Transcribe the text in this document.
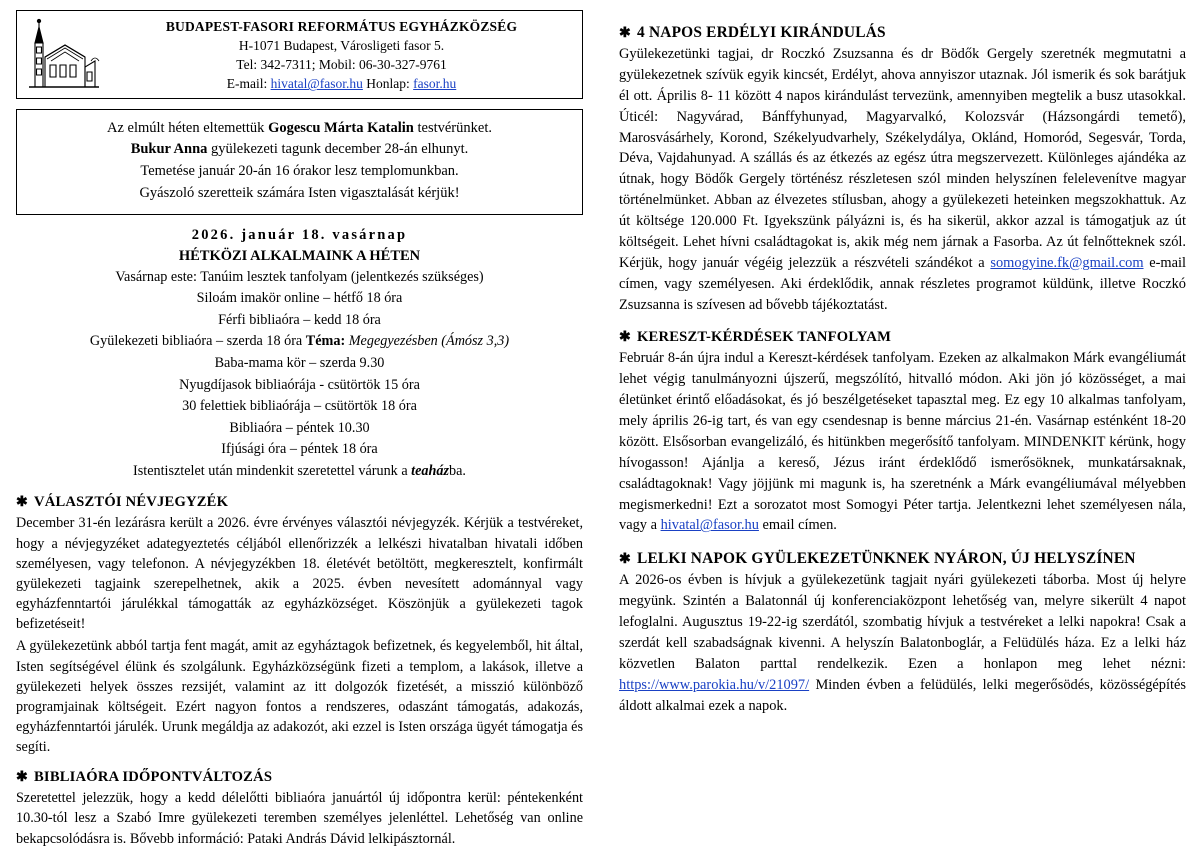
BUDAPEST-FASORI REFORMÁTUS EGYHÁZKÖZSÉG
H-1071 Budapest, Városligeti fasor 5.
Tel: 342-7311; Mobil: 06-30-327-9761
E-mail: hivatal@fasor.hu Honlap: fasor.hu
Az elmúlt héten eltemettük Gogescu Márta Katalin testvérünket.
Bukur Anna gyülekezeti tagunk december 28-án elhunyt.
Temetése január 20-án 16 órakor lesz templomunkban.
Gyászoló szeretteik számára Isten vigasztalását kérjük!
2026. január 18. vasárnap
HÉTKÖZI ALKALMAINK A HÉTEN
Vasárnap este: Tanúim lesztek tanfolyam (jelentkezés szükséges)
Siloám imakör online – hétfő 18 óra
Férfi bibliaóra – kedd 18 óra
Gyülekezeti bibliaóra – szerda 18 óra Téma: Megegyezésben (Ámósz 3,3)
Baba-mama kör – szerda 9.30
Nyugdíjasok bibliaórája - csütörtök 15 óra
30 felettiek bibliaórája – csütörtök 18 óra
Bibliaóra – péntek 10.30
Ifjúsági óra – péntek 18 óra
Istentisztelet után mindenkit szeretettel várunk a teaházba.
✱ VÁLASZTÓI NÉVJEGYZÉK

December 31-én lezárásra került a 2026. évre érvényes választói névjegyzék. Kérjük a testvéreket, hogy a névjegyzéket adategyeztetés céljából ellenőrizzék a lelkészi hivatalban hivatali időben személyesen, vagy telefonon. A névjegyzékben 18. életévét betöltött, megkeresztelt, konfirmált gyülekezeti tagjaink szerepelhetnek, akik a 2025. évben nevesített adománnyal vagy egyházfenntartói járulékkal támogatták az egyházközséget. Köszönjük a gyülekezeti tagok befizetéseit!

A gyülekezetünk abból tartja fent magát, amit az egyháztagok befizetnek, és kegyelemből, hit által, Isten segítségével élünk és szolgálunk. Egyházközségünk fizeti a templom, a lakások, illetve a gyülekezeti helyek összes rezsijét, valamint az itt dolgozók fizetését, a misszió különböző programjainak költségeit. Ezért nagyon fontos a rendszeres, odaszánt támogatás, adakozás, egyházfenntartói járulék. Urunk megáldja az adakozót, aki ezzel is Isten országa ügyét támogatja és segíti.

✱ BIBLIAÓRA IDŐPONTVÁLTOZÁS

Szeretettel jelezzük, hogy a kedd délelőtti bibliaóra januártól új időpontra kerül: péntekenként 10.30-tól lesz a Szabó Imre gyülekezeti teremben személyes jelenléttel. Lehetőség van online bekapcsolódásra is. Bővebb információ: Pataki András Dávid lelkipásztornál.

✱ 4 NAPOS ERDÉLYI KIRÁNDULÁS

Gyülekezetünki tagjai, dr Roczkó Zsuzsanna és dr Bödők Gergely szeretnék megmutatni a gyülekezetnek szívük egyik kincsét, Erdélyt, ahova annyiszor utaznak. Jól ismerik és sok barátjuk él ott. Április 8- 11 között 4 napos kirándulást tervezünk, amennyiben megtelik a busz utasokkal. Úticél: Nagyvárad, Bánffyhunyad, Magyarvalkó, Kolozsvár (Házsongárdi temető), Marosvásárhely, Korond, Székelyudvarhely, Székelydálya, Oklánd, Homoród, Segesvár, Torda, Déva, Vajdahunyad. A szállás és az étkezés az egész útra megszervezett. Különleges ajándéka az útnak, hogy Bödők Gergely történész részletesen szól minden helyszínen felelevenítve magyar történelmünket. Abban az élvezetes stílusban, ahogy a gyülekezeti heteinken megszokhattuk. Az út költsége 120.000 Ft. Igyekszünk pályázni is, és ha sikerül, akkor azzal is támogatjuk az út költségeit. Lehet hívni családtagokat is, akik még nem járnak a Fasorba. Az út felnőtteknek szól. Kérjük, hogy január végéig jelezzük a részvételi szándékot a somogyine.fk@gmail.com e-mail címen, vagy személyesen. Aki érdeklődik, annak részletes programot küldünk, illetve Roczkó Zsuzsanna is szívesen ad bővebb tájékoztatást.

✱ KERESZT-KÉRDÉSEK TANFOLYAM

Február 8-án újra indul a Kereszt-kérdések tanfolyam. Ezeken az alkalmakon Márk evangéliumát lehet végig tanulmányozni újszerű, megszólító, hitvalló módon. Aki jön jó közösséget, a mai életünket érintő előadásokat, és jó beszélgetéseket tapasztal meg. Ez egy 10 alkalmas tanfolyam, mely április 26-ig tart, és van egy csendesnap is benne március 21-én. Vasárnap esténként 18-20 között. Elsősorban evangelizáló, és hitünkben megerősítő tanfolyam. MINDENKIT kérünk, hogy hívogasson! Ajánlja a kereső, Jézus iránt érdeklődő ismerősöknek, munkatársaknak, családtagoknak! Vagy jöjjünk mi magunk is, ha szeretnénk a Márk evangéliumával mélyebben megismerkedni! Ezt a sorozatot most Somogyi Péter tartja. Jelentkezni lehet személyesen nála, vagy a hivatal@fasor.hu email címen.

✱ LELKI NAPOK GYÜLEKEZETÜNKNEK NYÁRON, ÚJ HELYSZÍNEN

A 2026-os évben is hívjuk a gyülekezetünk tagjait nyári gyülekezeti táborba. Most új helyre megyünk. Szintén a Balatonnál új konferenciaközpont lehetőség van, melyre sikerült 4 napot lefoglalni. Augusztus 19-22-ig szerdától, szombatig hívjuk a testvéreket a lelki napokra! Csak a szerdát kell szabadságnak kivenni. A helyszín Balatonboglár, a Felüdülés háza. Ez a lelki ház közvetlen Balaton parttal rendelkezik. Ezen a honlapon meg lehet nézni: https://www.parokia.hu/v/21097/ Minden évben a felüdülés, lelki megerősödés, közösségépítés áldott alkalmai ezek a napok.
